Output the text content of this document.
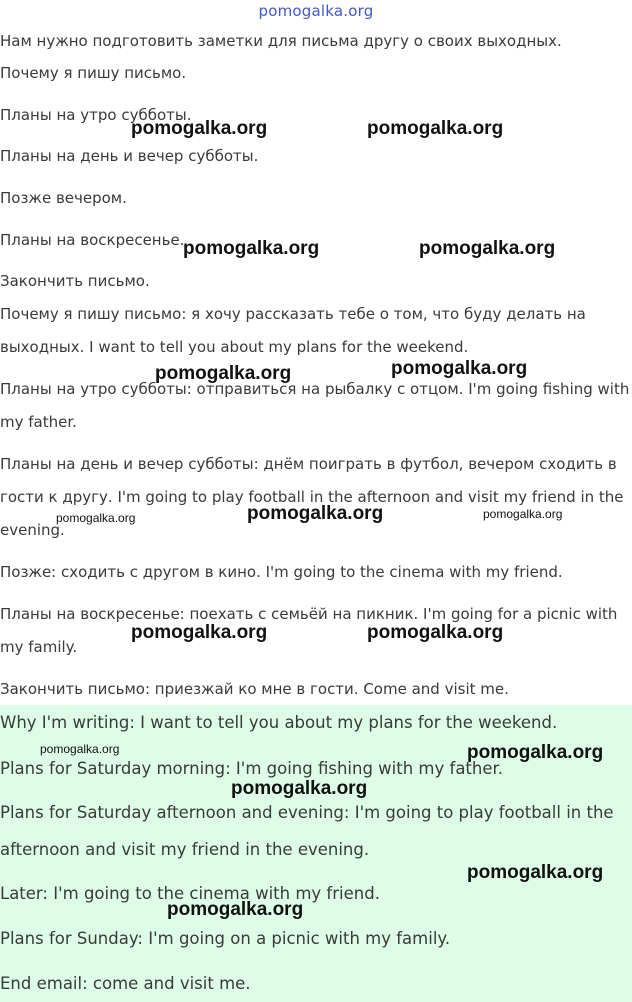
pomogalka.org

Нам нужно подготовить заметки для письма другу о своих выходных.

Почему я пишу письмо.

Планы на утро субботы.

Планы на день и вечер субботы.

Позже вечером.

Планы на воскресенье.

Закончить письмо.

Почему я пишу письмо: я хочу рассказать тебе о том, что буду делать на

выходных. I want to tell you about my plans for the weekend.

Планы на утро субботы: отправиться на рыбалку с отцом. I'm going fishing with

my father.

Планы на день и вечер субботы: днём поиграть в футбол, вечером сходить в

гости к другу. I'm going to play football in the afternoon and visit my friend in the

evening.

Позже: сходить с другом в кино. I'm going to the cinema with my friend.

Планы на воскресенье: поехать с семьёй на пикник. I'm going for a picnic with

my family.

Закончить письмо: приезжай ко мне в гости. Come and visit me.

Why I'm writing: I want to tell you about my plans for the weekend.

Plans for Saturday morning: I'm going fishing with my father.

Plans for Saturday afternoon and evening: I'm going to play football in the

afternoon and visit my friend in the evening.

Later: I'm going to the cinema with my friend.

Plans for Sunday: I'm going on a picnic with my family.

End email: come and visit me.

pomogalka.org	pomogalka.org
pomogalka.org	pomogalka.org
pomogalka.org
pomogalka.org
pomogalka.org
pomogalka.org	pomogalka.org
pomogalka.org	pomogalka.org
pomogalka.org	pomogalka.org
pomogalka.org
pomogalka.org
pomogalka.org
